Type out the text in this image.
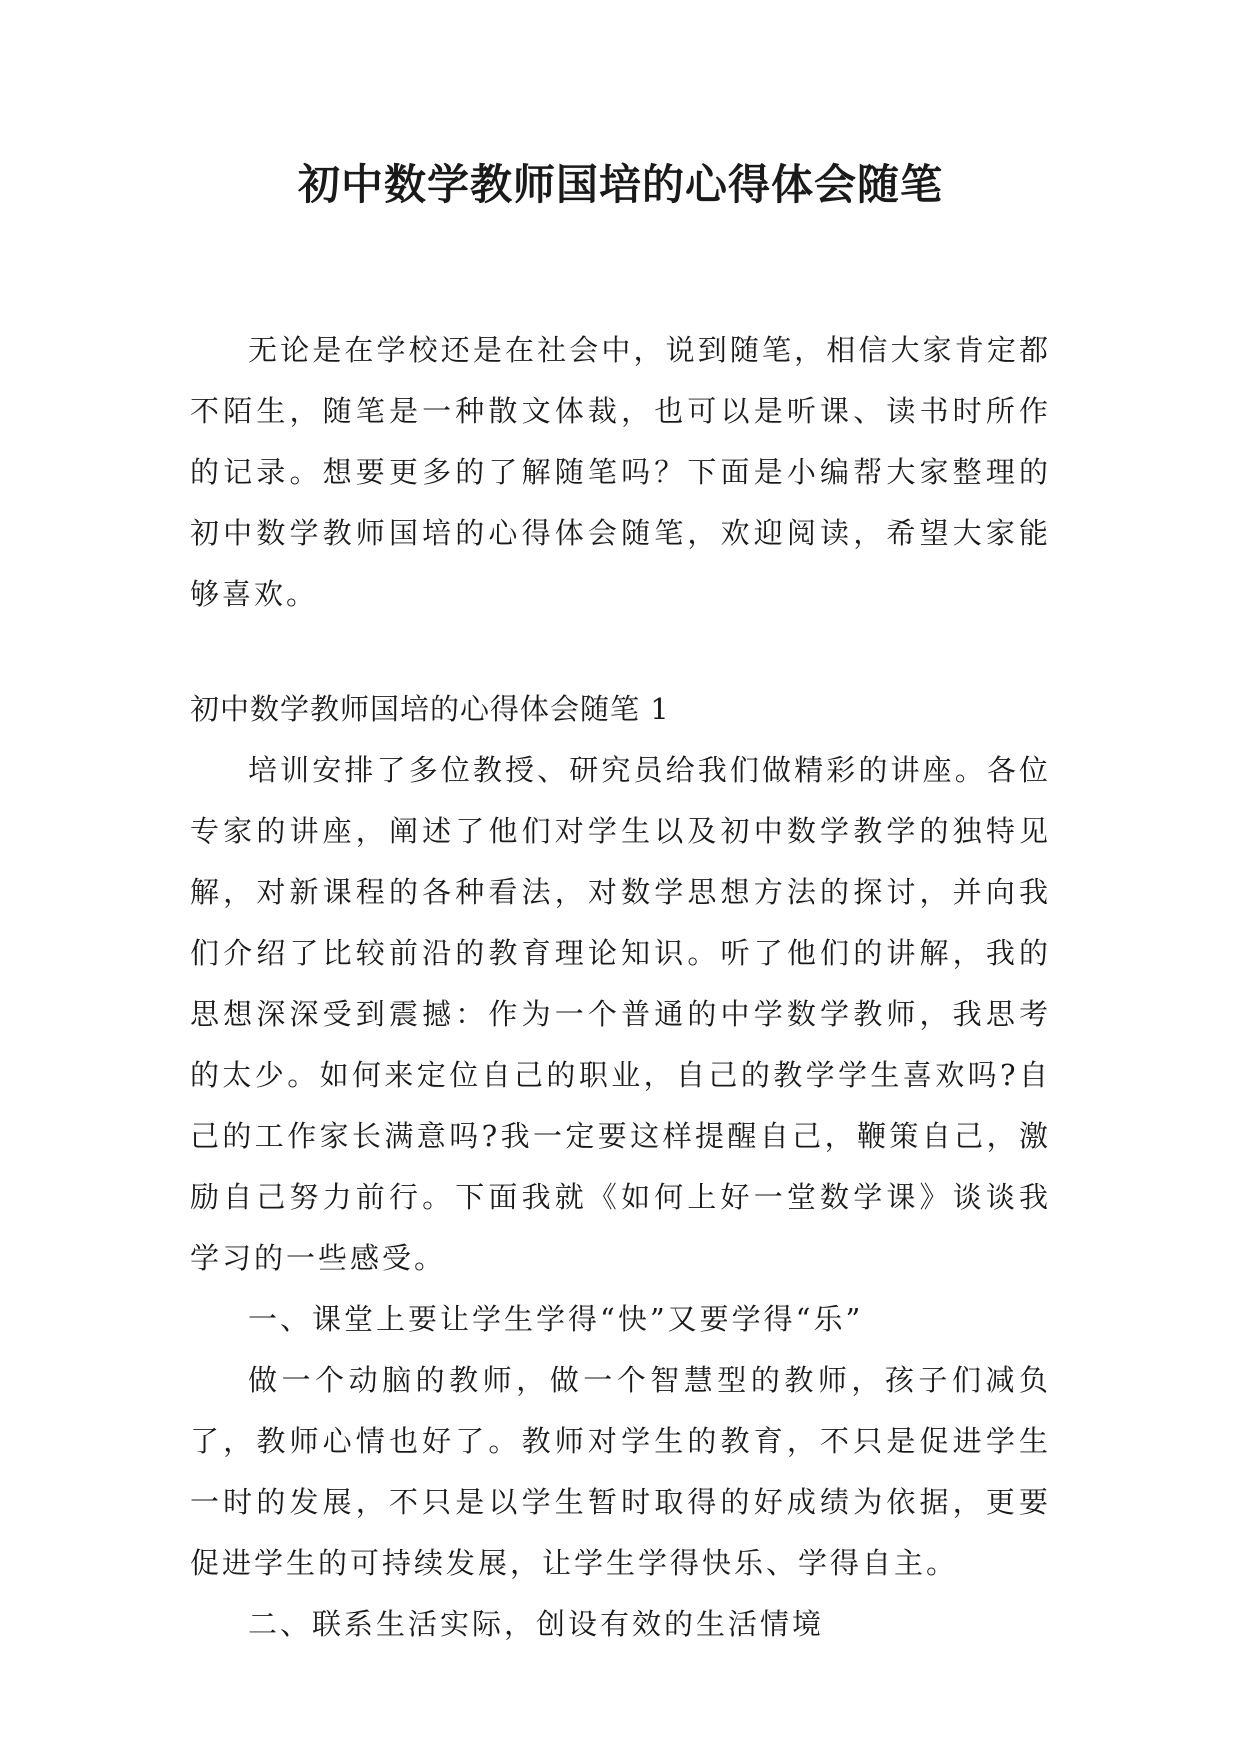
初中数学教师国培的心得体会随笔

无论是在学校还是在社会中，说到随笔，相信大家肯定都不陌生，随笔是一种散文体裁，也可以是听课、读书时所作的记录。想要更多的了解随笔吗？下面是小编帮大家整理的初中数学教师国培的心得体会随笔，欢迎阅读，希望大家能够喜欢。

初中数学教师国培的心得体会随笔 1

培训安排了多位教授、研究员给我们做精彩的讲座。各位专家的讲座，阐述了他们对学生以及初中数学教学的独特见解，对新课程的各种看法，对数学思想方法的探讨，并向我们介绍了比较前沿的教育理论知识。听了他们的讲解，我的思想深深受到震撼：作为一个普通的中学数学教师，我思考的太少。如何来定位自己的职业，自己的教学学生喜欢吗?自己的工作家长满意吗?我一定要这样提醒自己，鞭策自己，激励自己努力前行。下面我就《如何上好一堂数学课》谈谈我学习的一些感受。

一、课堂上要让学生学得“快”又要学得“乐”

做一个动脑的教师，做一个智慧型的教师，孩子们减负了，教师心情也好了。教师对学生的教育，不只是促进学生一时的发展，不只是以学生暂时取得的好成绩为依据，更要促进学生的可持续发展，让学生学得快乐、学得自主。

二、联系生活实际，创设有效的生活情境
